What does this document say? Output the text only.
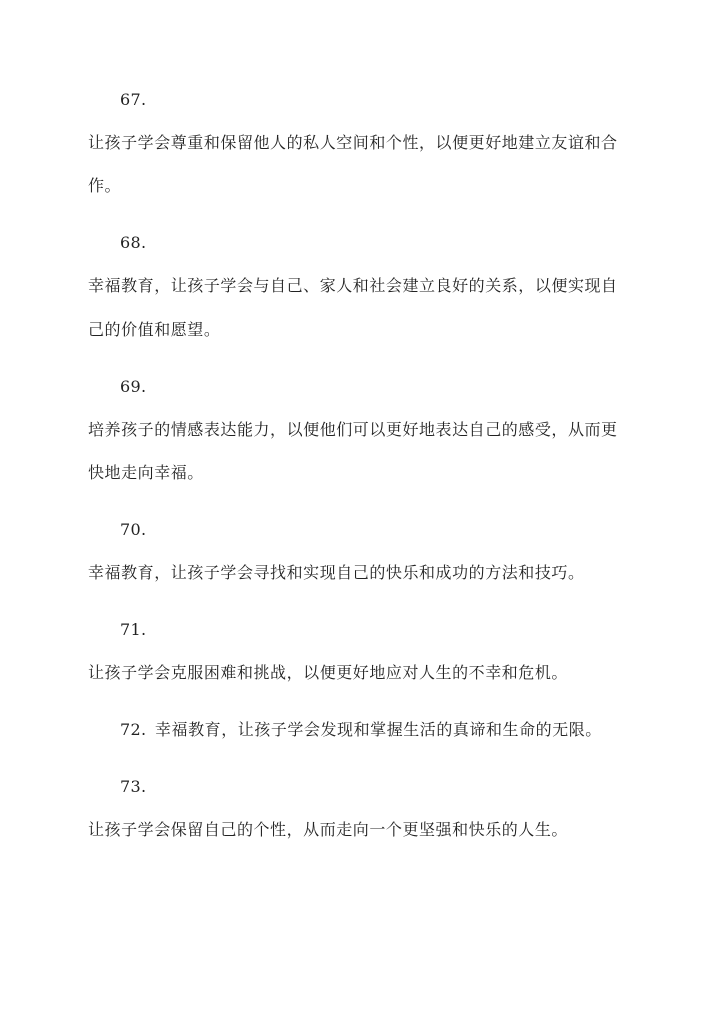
67.
让孩子学会尊重和保留他人的私人空间和个性，以便更好地建立友谊和合
作。
68.
幸福教育，让孩子学会与自己、家人和社会建立良好的关系，以便实现自
己的价值和愿望。
69.
培养孩子的情感表达能力，以便他们可以更好地表达自己的感受，从而更
快地走向幸福。
70.
幸福教育，让孩子学会寻找和实现自己的快乐和成功的方法和技巧。
71.
让孩子学会克服困难和挑战，以便更好地应对人生的不幸和危机。
72. 幸福教育，让孩子学会发现和掌握生活的真谛和生命的无限。
73.
让孩子学会保留自己的个性，从而走向一个更坚强和快乐的人生。
